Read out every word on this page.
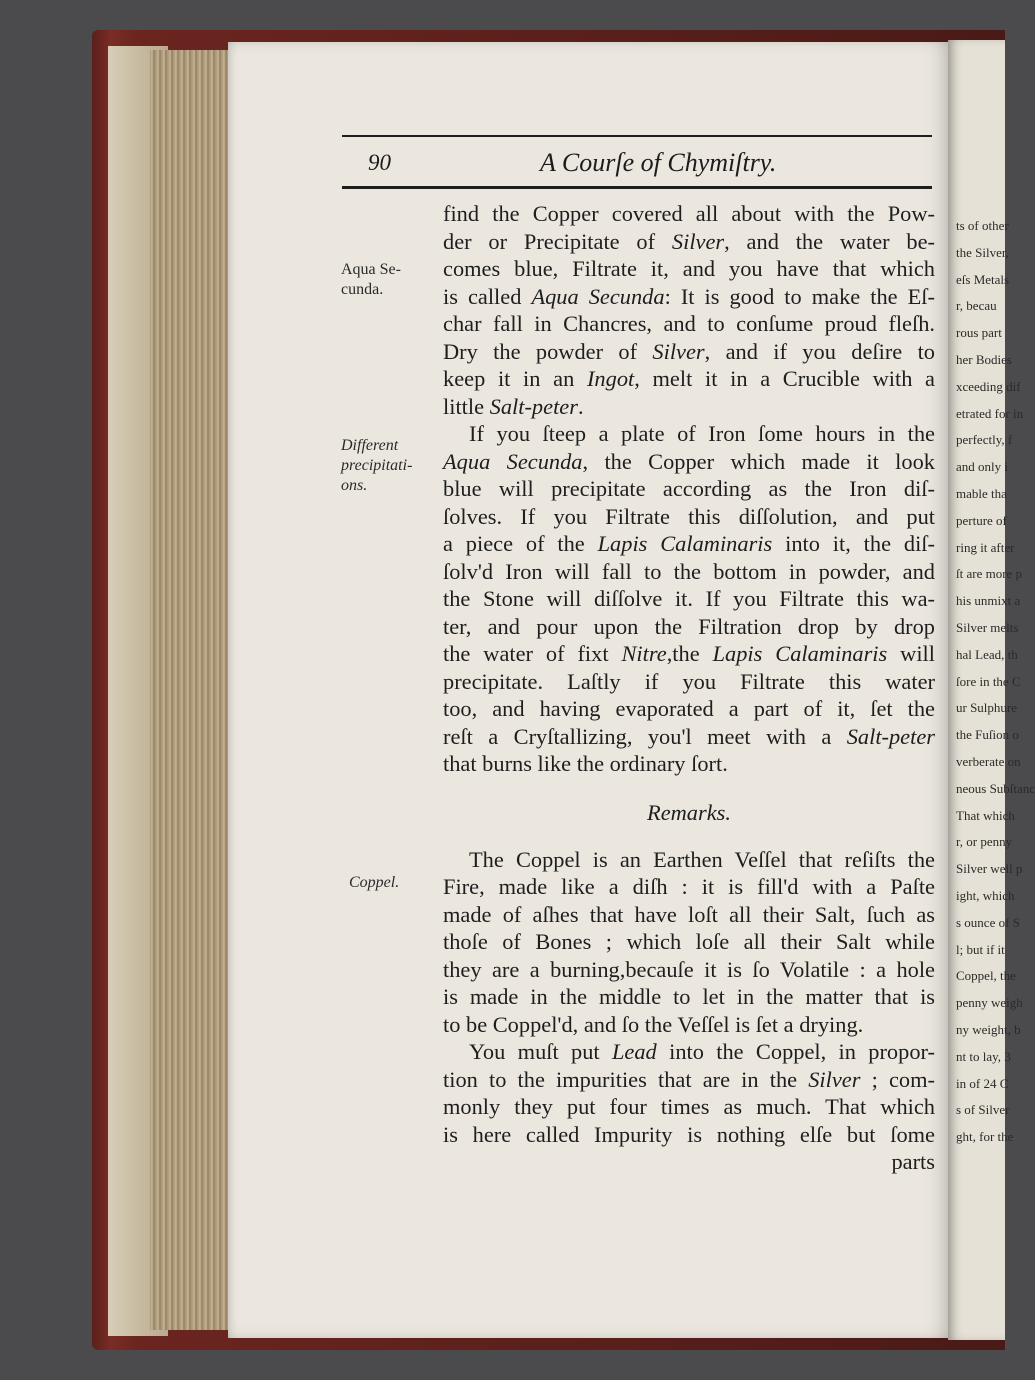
ts of other
the Silver,
eſs Metals
r, becau
rous part
her Bodies
xceeding dif
etrated for in
perfectly, f
and only i
mable tha
perture of
ring it after
ſt are more p
his unmixt a
Silver melts
hal Lead, th
ſore in the C
ur Sulphure
the Fuſion o
verberate on
neous Subſtanc
That which
r, or penny
Silver well p
ight, which
s ounce of S
l; but if it
Coppel, the
penny weigh
ny weight, b
nt to lay, 3
in of 24 C
s of Silver
ght, for the
90	A Courſe of Chymiſtry.
Aqua Se-
cunda.
Different
precipitati-
ons.
Coppel.
find the Copper covered all about with the Pow-
der or Precipitate of Silver, and the water be-
comes blue, Filtrate it, and you have that which
is called Aqua Secunda: It is good to make the Eſ-
char fall in Chancres, and to conſume proud fleſh.
Dry the powder of Silver, and if you deſire to
keep it in an Ingot, melt it in a Crucible with a
little Salt-peter.
If you ſteep a plate of Iron ſome hours in the
Aqua Secunda, the Copper which made it look
blue will precipitate according as the Iron diſ-
ſolves. If you Filtrate this diſſolution, and put
a piece of the Lapis Calaminaris into it, the diſ-
ſolv'd Iron will fall to the bottom in powder, and
the Stone will diſſolve it. If you Filtrate this wa-
ter, and pour upon the Filtration drop by drop
the water of fixt Nitre,the Lapis Calaminaris will
precipitate. Laſtly if you Filtrate this water
too, and having evaporated a part of it, ſet the
reſt a Cryſtallizing, you'l meet with a Salt-peter
that burns like the ordinary ſort.
Remarks.
The Coppel is an Earthen Veſſel that reſiſts the
Fire, made like a diſh : it is fill'd with a Paſte
made of aſhes that have loſt all their Salt, ſuch as
thoſe of Bones ; which loſe all their Salt while
they are a burning,becauſe it is ſo Volatile : a hole
is made in the middle to let in the matter that is
to be Coppel'd, and ſo the Veſſel is ſet a drying.
You muſt put Lead into the Coppel, in propor-
tion to the impurities that are in the Silver ; com-
monly they put four times as much. That which
is here called Impurity is nothing elſe but ſome
parts
